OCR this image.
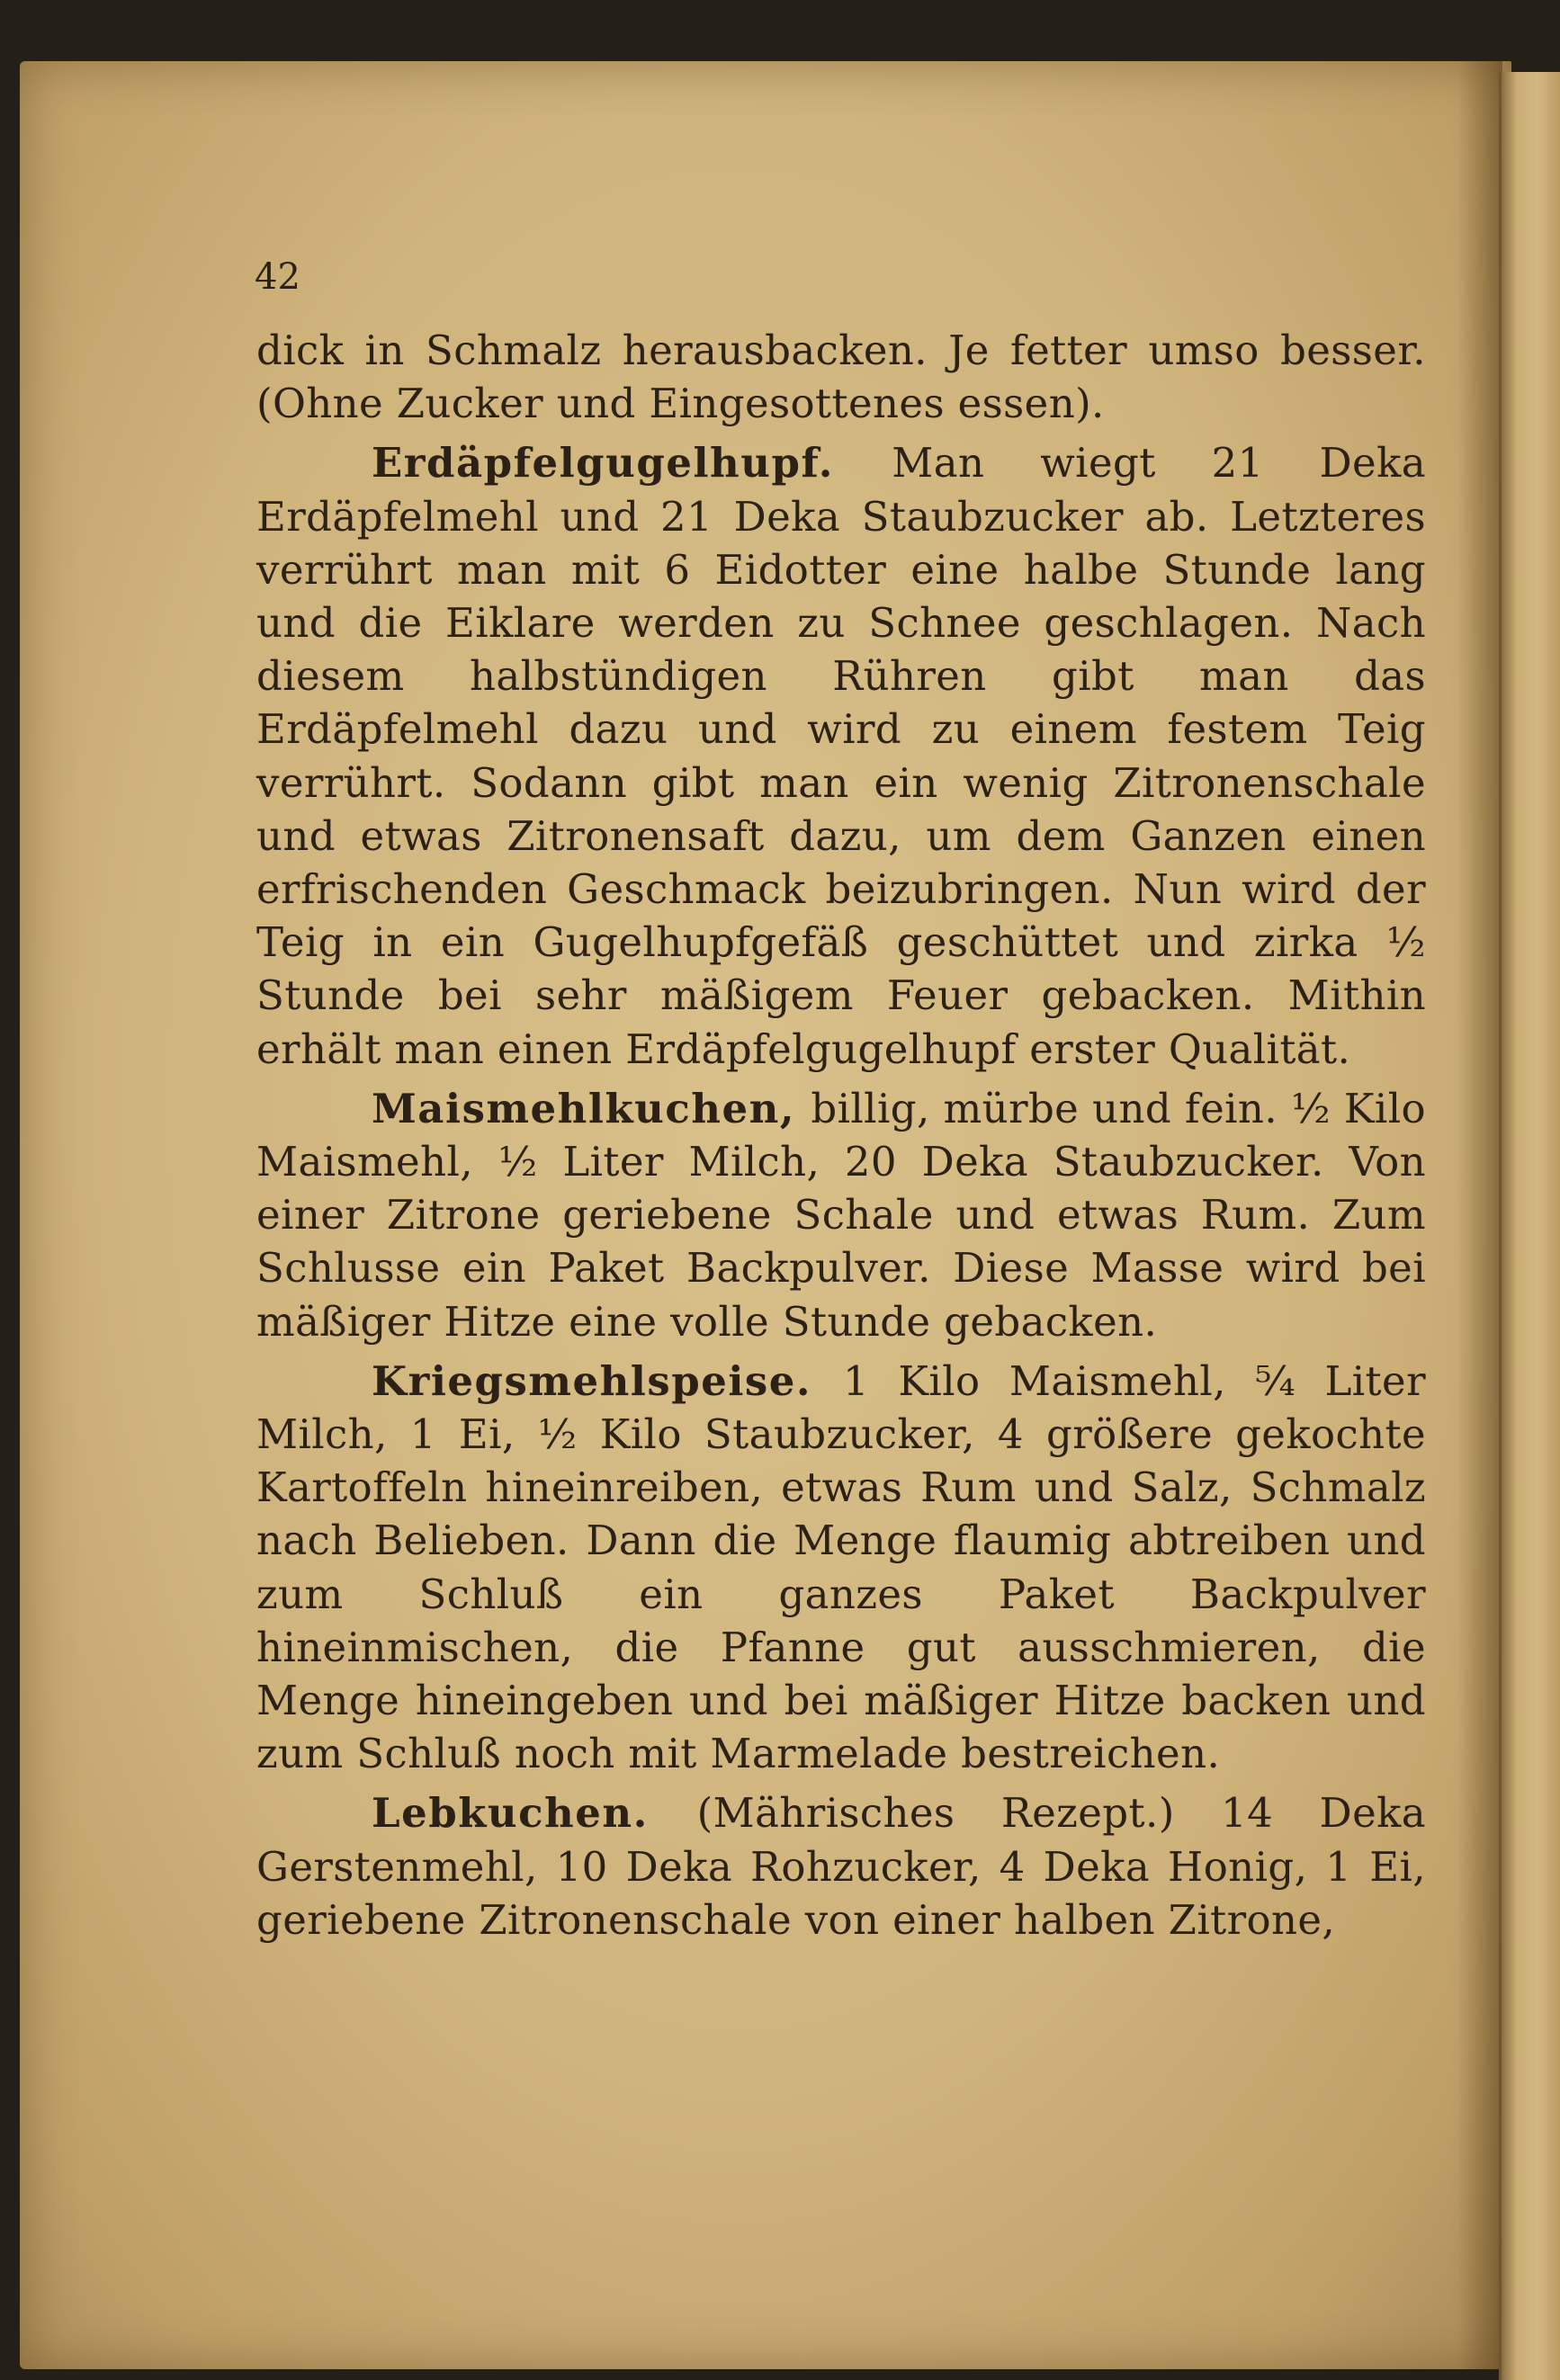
42

dick in Schmalz herausbacken. Je fetter umso besser. (Ohne Zucker und Eingesottenes essen).

Erdäpfelgugelhupf. Man wiegt 21 Deka Erdäpfelmehl und 21 Deka Staubzucker ab. Letzteres verrührt man mit 6 Eidotter eine halbe Stunde lang und die Eiklare werden zu Schnee geschlagen. Nach diesem halbstündigen Rühren gibt man das Erdäpfelmehl dazu und wird zu einem festem Teig verrührt. Sodann gibt man ein wenig Zitronenschale und etwas Zitronensaft dazu, um dem Ganzen einen erfrischenden Geschmack beizubringen. Nun wird der Teig in ein Gugelhupfgefäß geschüttet und zirka ½ Stunde bei sehr mäßigem Feuer gebacken. Mithin erhält man einen Erdäpfelgugelhupf erster Qualität.

Maismehlkuchen, billig, mürbe und fein. ½ Kilo Maismehl, ½ Liter Milch, 20 Deka Staubzucker. Von einer Zitrone geriebene Schale und etwas Rum. Zum Schlusse ein Paket Backpulver. Diese Masse wird bei mäßiger Hitze eine volle Stunde gebacken.

Kriegsmehlspeise. 1 Kilo Maismehl, ⁵⁄₄ Liter Milch, 1 Ei, ½ Kilo Staubzucker, 4 größere gekochte Kartoffeln hineinreiben, etwas Rum und Salz, Schmalz nach Belieben. Dann die Menge flaumig abtreiben und zum Schluß ein ganzes Paket Backpulver hineinmischen, die Pfanne gut ausschmieren, die Menge hineingeben und bei mäßiger Hitze backen und zum Schluß noch mit Marmelade bestreichen.

Lebkuchen. (Mährisches Rezept.) 14 Deka Gerstenmehl, 10 Deka Rohzucker, 4 Deka Honig, 1 Ei, geriebene Zitronenschale von einer halben Zitrone,
